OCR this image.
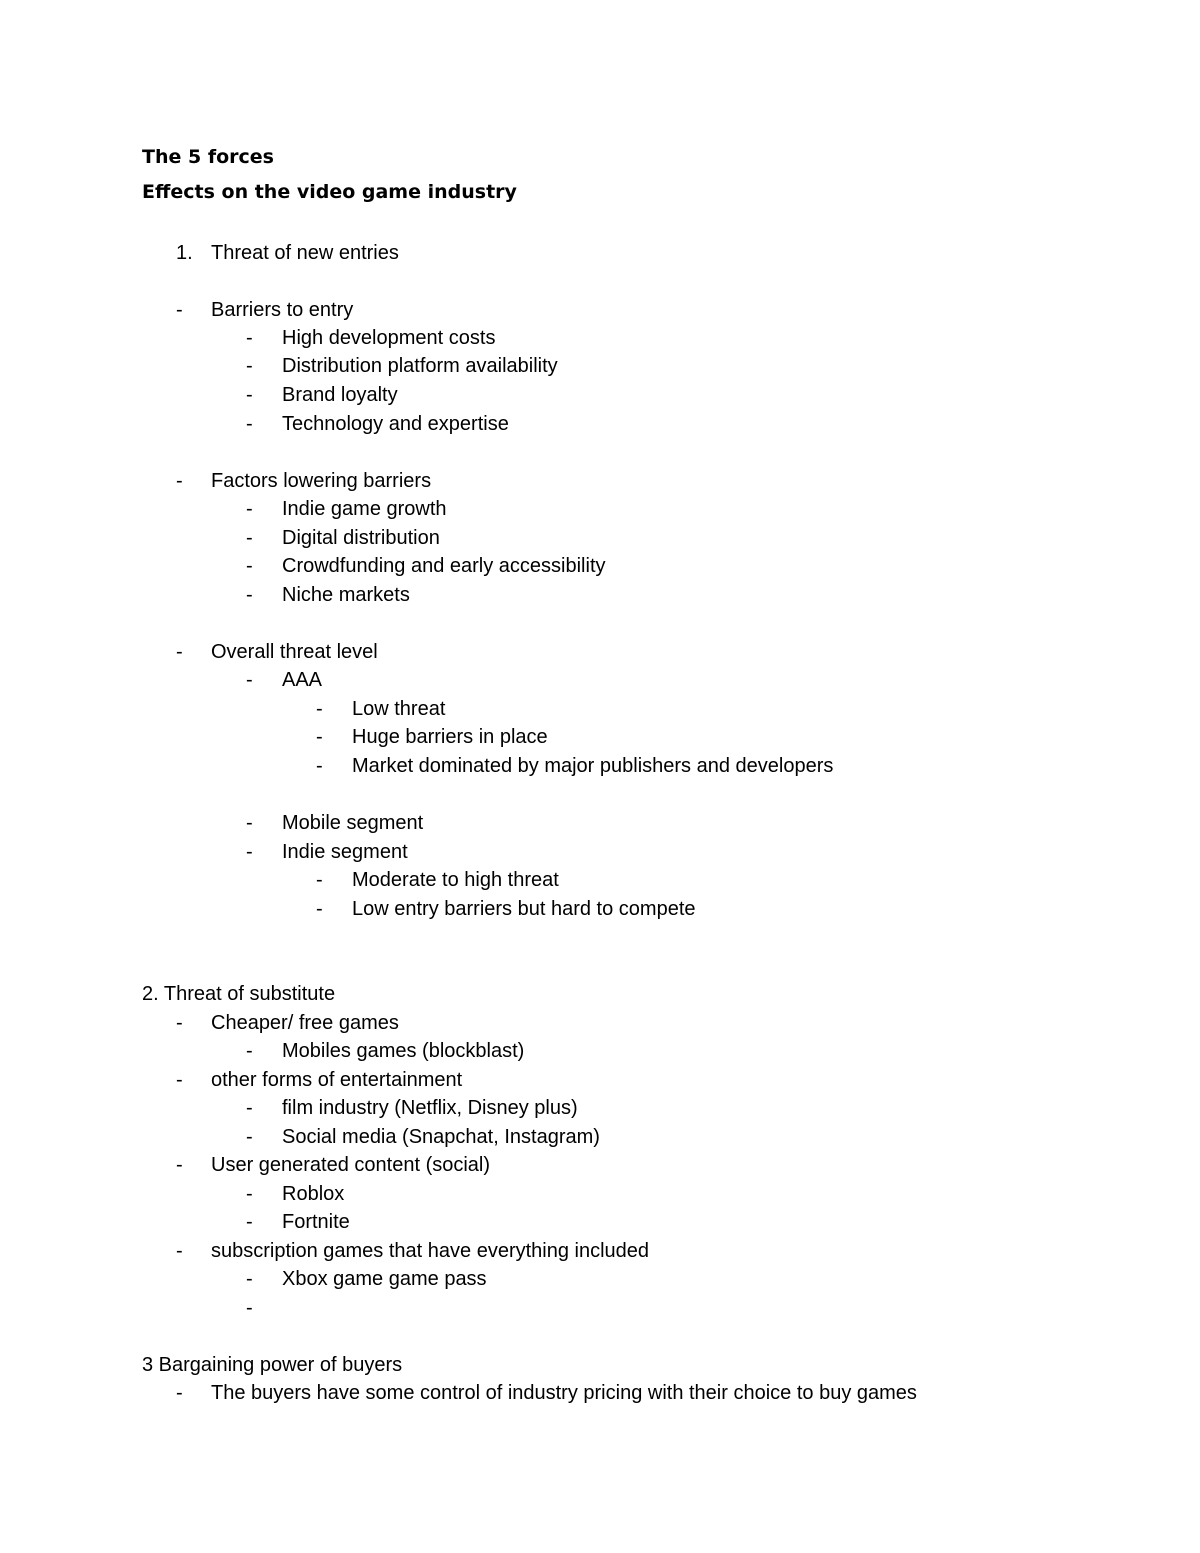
The 5 forces
Effects on the video game industry
1. Threat of new entries
-	Barriers to entry
-	High development costs
-	Distribution platform availability
-	Brand loyalty
-	Technology and expertise
-	Factors lowering barriers
-	Indie game growth
-	Digital distribution
-	Crowdfunding and early accessibility
-	Niche markets
-	Overall threat level
-	AAA
-	Low threat
-	Huge barriers in place
-	Market dominated by major publishers and developers
-	Mobile segment
-	Indie segment
-	Moderate to high threat
-	Low entry barriers but hard to compete
2. Threat of substitute
-	Cheaper/ free games
-	Mobiles games (blockblast)
-	other forms of entertainment
-	film industry (Netflix, Disney plus)
-	Social media (Snapchat, Instagram)
-	User generated content (social)
-	Roblox
-	Fortnite
-	subscription games that have everything included
-	Xbox game game pass
-
3 Bargaining power of buyers
-	The buyers have some control of industry pricing with their choice to buy games
